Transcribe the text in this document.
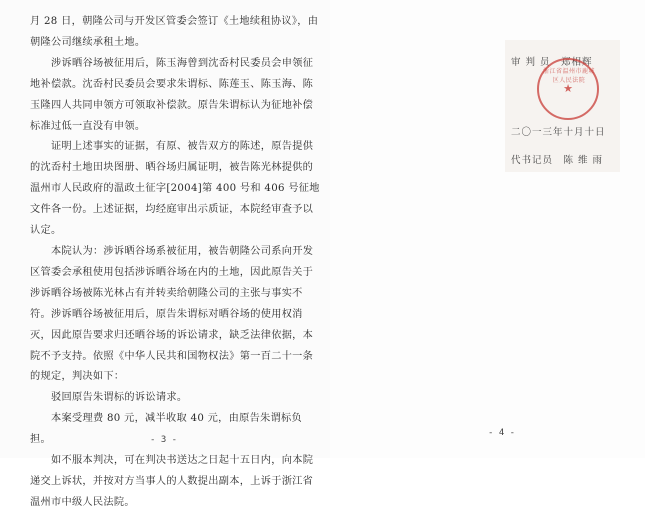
月 28 日，朝隆公司与开发区管委会签订《土地续租协议》，由朝隆公司继续承租土地。

涉诉晒谷场被征用后，陈玉海曾到沈岙村民委员会申领征地补偿款。沈岙村民委员会要求朱谓标、陈莲玉、陈玉海、陈玉隆四人共同申领方可领取补偿款。原告朱谓标认为征地补偿标准过低一直没有申领。

证明上述事实的证据，有原、被告双方的陈述，原告提供的沈岙村土地田块图册、晒谷场归属证明，被告陈光林提供的温州市人民政府的温政土征字[2004]第 400 号和 406 号征地文件各一份。上述证据，均经庭审出示质证，本院经审查予以认定。

本院认为：涉诉晒谷场系被征用，被告朝隆公司系向开发区管委会承租使用包括涉诉晒谷场在内的土地，因此原告关于涉诉晒谷场被陈光林占有并转卖给朝隆公司的主张与事实不符。涉诉晒谷场被征用后，原告朱谓标对晒谷场的使用权消灭，因此原告要求归还晒谷场的诉讼请求，缺乏法律依据，本院不予支持。依照《中华人民共和国物权法》第一百二十一条的规定，判决如下：

驳回原告朱谓标的诉讼请求。

本案受理费 80 元，减半收取 40 元，由原告朱谓标负担。

如不服本判决，可在判决书送达之日起十五日内，向本院递交上诉状，并按对方当事人的人数提出副本，上诉于浙江省温州市中级人民法院。

- 3 -
审 判 员　郑相辉
浙江省温州市鹿城区人民法院
★
二〇一三年十月十日
代书记员　陈 维 雨
- 4 -
